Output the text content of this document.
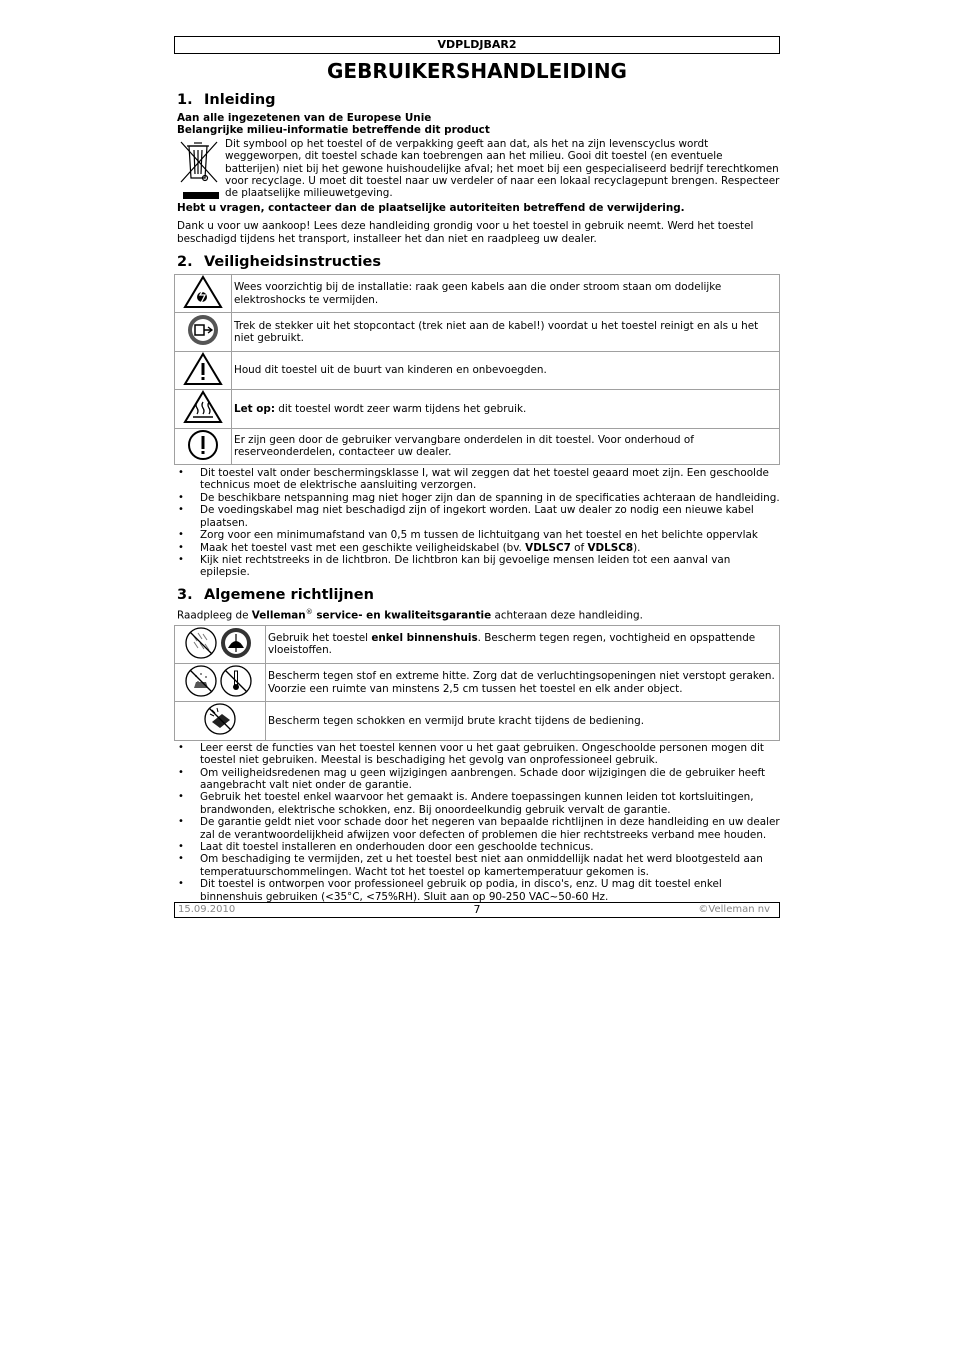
VDPLDJBAR2
GEBRUIKERSHANDLEIDING
1. Inleiding

Aan alle ingezetenen van de Europese Unie

Belangrijke milieu-informatie betreffende dit product

Dit symbool op het toestel of de verpakking geeft aan dat, als het na zijn levenscyclus wordt weggeworpen, dit toestel schade kan toebrengen aan het milieu. Gooi dit toestel (en eventuele batterijen) niet bij het gewone huishoudelijke afval; het moet bij een gespecialiseerd bedrijf terechtkomen voor recyclage. U moet dit toestel naar uw verdeler of naar een lokaal recyclagepunt brengen. Respecteer de plaatselijke milieuwetgeving.

Hebt u vragen, contacteer dan de plaatselijke autoriteiten betreffend de verwijdering.

Dank u voor uw aankoop! Lees deze handleiding grondig voor u het toestel in gebruik neemt. Werd het toestel beschadigd tijdens het transport, installeer het dan niet en raadpleeg uw dealer.

2. Veiligheidsinstructies
	Wees voorzichtig bij de installatie: raak geen kabels aan die onder stroom staan om dodelijke elektroshocks te vermijden.
	Trek de stekker uit het stopcontact (trek niet aan de kabel!) voordat u het toestel reinigt en als u het niet gebruikt.
	Houd dit toestel uit de buurt van kinderen en onbevoegden.
	Let op: dit toestel wordt zeer warm tijdens het gebruik.
	Er zijn geen door de gebruiker vervangbare onderdelen in dit toestel. Voor onderhoud of reserveonderdelen, contacteer uw dealer.
• Dit toestel valt onder beschermingsklasse I, wat wil zeggen dat het toestel geaard moet zijn. Een geschoolde technicus moet de elektrische aansluiting verzorgen.
• De beschikbare netspanning mag niet hoger zijn dan de spanning in de specificaties achteraan de handleiding.
• De voedingskabel mag niet beschadigd zijn of ingekort worden. Laat uw dealer zo nodig een nieuwe kabel plaatsen.
• Zorg voor een minimumafstand van 0,5 m tussen de lichtuitgang van het toestel en het belichte oppervlak
• Maak het toestel vast met een geschikte veiligheidskabel (bv. VDLSC7 of VDLSC8).
• Kijk niet rechtstreeks in de lichtbron. De lichtbron kan bij gevoelige mensen leiden tot een aanval van epilepsie.
3. Algemene richtlijnen

Raadpleeg de Velleman® service- en kwaliteitsgarantie achteraan deze handleiding.

	Gebruik het toestel enkel binnenshuis. Bescherm tegen regen, vochtigheid en opspattende vloeistoffen.
	Bescherm tegen stof en extreme hitte. Zorg dat de verluchtingsopeningen niet verstopt geraken. Voorzie een ruimte van minstens 2,5 cm tussen het toestel en elk ander object.
	Bescherm tegen schokken en vermijd brute kracht tijdens de bediening.
• Leer eerst de functies van het toestel kennen voor u het gaat gebruiken. Ongeschoolde personen mogen dit toestel niet gebruiken. Meestal is beschadiging het gevolg van onprofessioneel gebruik.
• Om veiligheidsredenen mag u geen wijzigingen aanbrengen. Schade door wijzigingen die de gebruiker heeft aangebracht valt niet onder de garantie.
• Gebruik het toestel enkel waarvoor het gemaakt is. Andere toepassingen kunnen leiden tot kortsluitingen, brandwonden, elektrische schokken, enz. Bij onoordeelkundig gebruik vervalt de garantie.
• De garantie geldt niet voor schade door het negeren van bepaalde richtlijnen in deze handleiding en uw dealer zal de verantwoordelijkheid afwijzen voor defecten of problemen die hier rechtstreeks verband mee houden.
• Laat dit toestel installeren en onderhouden door een geschoolde technicus.
• Om beschadiging te vermijden, zet u het toestel best niet aan onmiddellijk nadat het werd blootgesteld aan temperatuurschommelingen. Wacht tot het toestel op kamertemperatuur gekomen is.
• Dit toestel is ontworpen voor professioneel gebruik op podia, in disco's, enz. U mag dit toestel enkel binnenshuis gebruiken (<35°C, <75%RH). Sluit aan op 90-250 VAC~50-60 Hz.
15.09.2010	7	©Velleman nv
